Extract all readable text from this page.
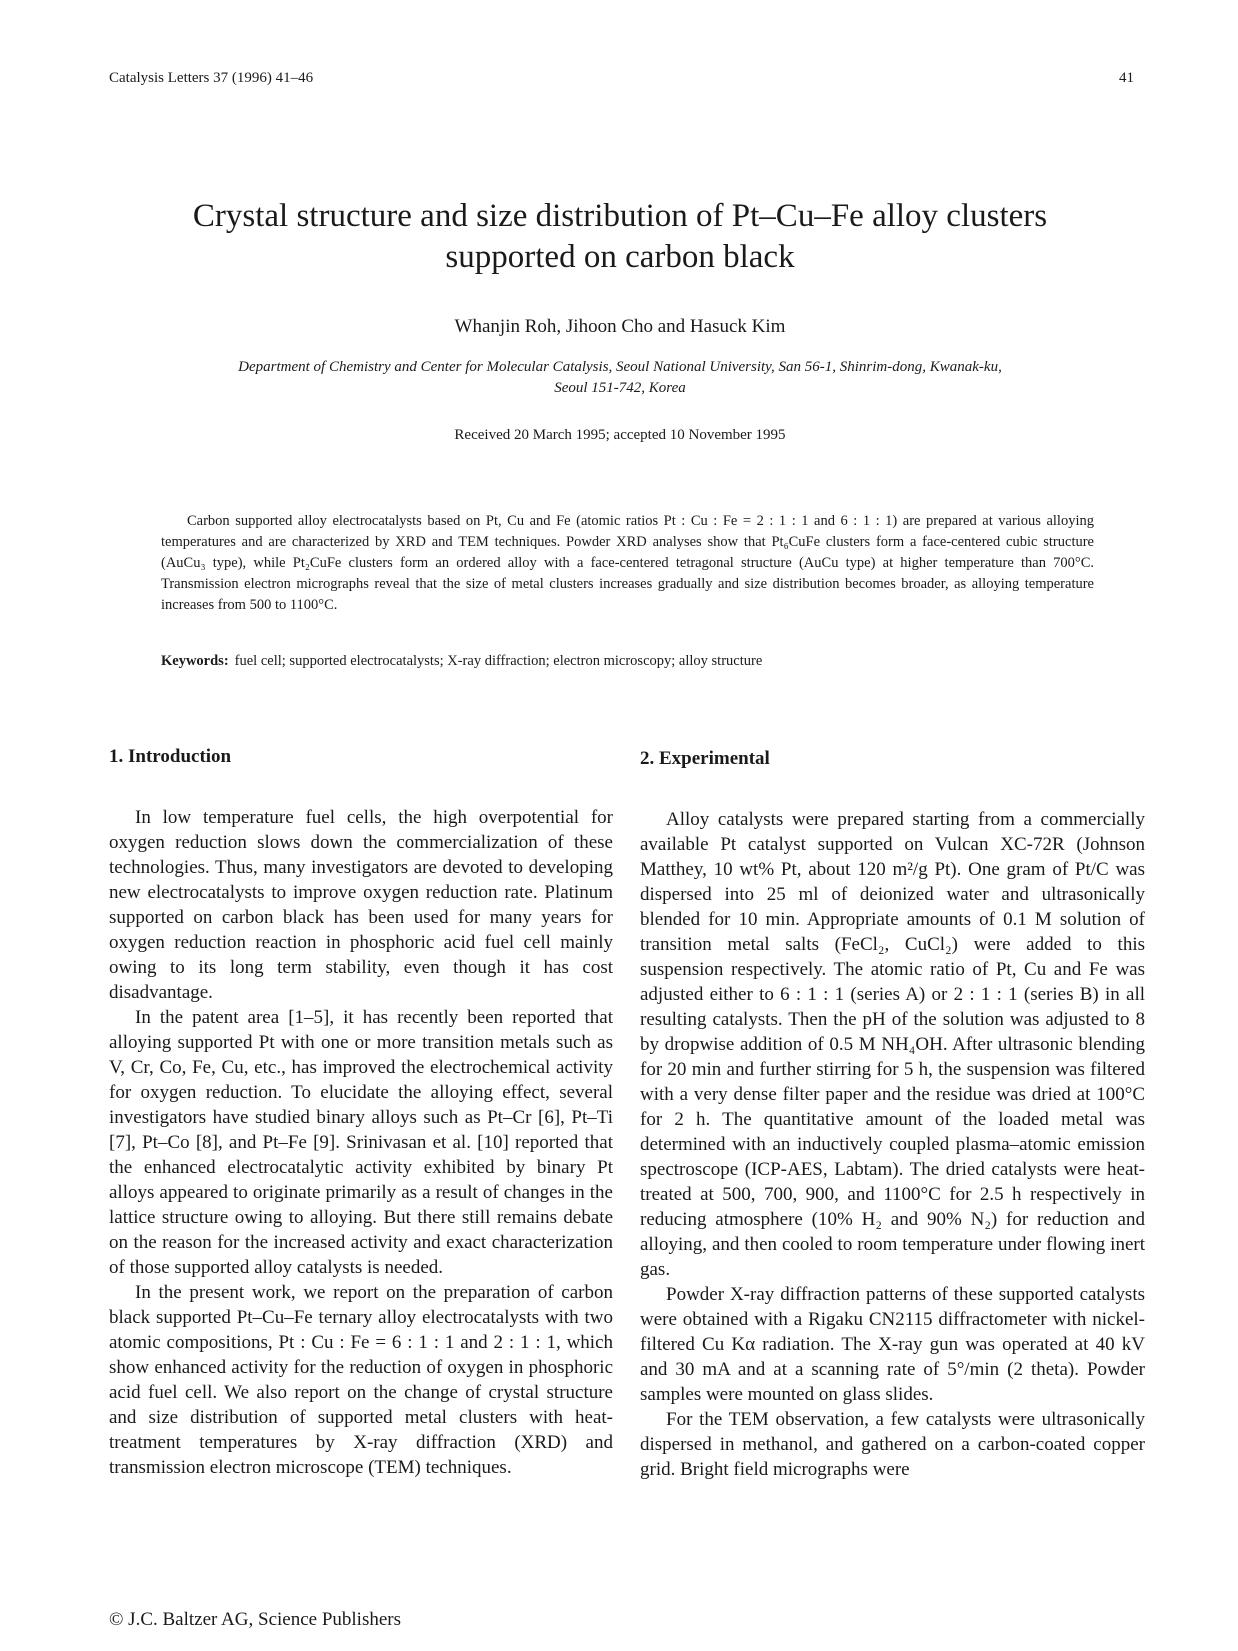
Catalysis Letters 37 (1996) 41–46	41
Crystal structure and size distribution of Pt–Cu–Fe alloy clusters
supported on carbon black
Whanjin Roh, Jihoon Cho and Hasuck Kim
Department of Chemistry and Center for Molecular Catalysis, Seoul National University, San 56-1, Shinrim-dong, Kwanak-ku,
Seoul 151-742, Korea
Received 20 March 1995; accepted 10 November 1995

Carbon supported alloy electrocatalysts based on Pt, Cu and Fe (atomic ratios Pt : Cu : Fe = 2 : 1 : 1 and 6 : 1 : 1) are prepared at various alloying temperatures and are characterized by XRD and TEM techniques. Powder XRD analyses show that Pt₆CuFe clusters form a face-centered cubic structure (AuCu₃ type), while Pt₂CuFe clusters form an ordered alloy with a face-centered tetragonal structure (AuCu type) at higher temperature than 700°C. Transmission electron micrographs reveal that the size of metal clusters increases gradually and size distribution becomes broader, as alloying temperature increases from 500 to 1100°C.

Keywords: fuel cell; supported electrocatalysts; X-ray diffraction; electron microscopy; alloy structure
1. Introduction

In low temperature fuel cells, the high overpotential for oxygen reduction slows down the commercialization of these technologies. Thus, many investigators are devoted to developing new electrocatalysts to improve oxygen reduction rate. Platinum supported on carbon black has been used for many years for oxygen reduction reaction in phosphoric acid fuel cell mainly owing to its long term stability, even though it has cost disadvantage.

In the patent area [1–5], it has recently been reported that alloying supported Pt with one or more transition metals such as V, Cr, Co, Fe, Cu, etc., has improved the electrochemical activity for oxygen reduction. To elucidate the alloying effect, several investigators have studied binary alloys such as Pt–Cr [6], Pt–Ti [7], Pt–Co [8], and Pt–Fe [9]. Srinivasan et al. [10] reported that the enhanced electrocatalytic activity exhibited by binary Pt alloys appeared to originate primarily as a result of changes in the lattice structure owing to alloying. But there still remains debate on the reason for the increased activity and exact characterization of those supported alloy catalysts is needed.

In the present work, we report on the preparation of carbon black supported Pt–Cu–Fe ternary alloy electrocatalysts with two atomic compositions, Pt : Cu : Fe = 6 : 1 : 1 and 2 : 1 : 1, which show enhanced activity for the reduction of oxygen in phosphoric acid fuel cell. We also report on the change of crystal structure and size distribution of supported metal clusters with heat-treatment temperatures by X-ray diffraction (XRD) and transmission electron microscope (TEM) techniques.

2. Experimental

Alloy catalysts were prepared starting from a commercially available Pt catalyst supported on Vulcan XC-72R (Johnson Matthey, 10 wt% Pt, about 120 m²/g Pt). One gram of Pt/C was dispersed into 25 ml of deionized water and ultrasonically blended for 10 min. Appropriate amounts of 0.1 M solution of transition metal salts (FeCl₂, CuCl₂) were added to this suspension respectively. The atomic ratio of Pt, Cu and Fe was adjusted either to 6 : 1 : 1 (series A) or 2 : 1 : 1 (series B) in all resulting catalysts. Then the pH of the solution was adjusted to 8 by dropwise addition of 0.5 M NH₄OH. After ultrasonic blending for 20 min and further stirring for 5 h, the suspension was filtered with a very dense filter paper and the residue was dried at 100°C for 2 h. The quantitative amount of the loaded metal was determined with an inductively coupled plasma–atomic emission spectroscope (ICP-AES, Labtam). The dried catalysts were heat-treated at 500, 700, 900, and 1100°C for 2.5 h respectively in reducing atmosphere (10% H₂ and 90% N₂) for reduction and alloying, and then cooled to room temperature under flowing inert gas.

Powder X-ray diffraction patterns of these supported catalysts were obtained with a Rigaku CN2115 diffractometer with nickel-filtered Cu Kα radiation. The X-ray gun was operated at 40 kV and 30 mA and at a scanning rate of 5°/min (2 theta). Powder samples were mounted on glass slides.

For the TEM observation, a few catalysts were ultrasonically dispersed in methanol, and gathered on a carbon-coated copper grid. Bright field micrographs were

© J.C. Baltzer AG, Science Publishers
